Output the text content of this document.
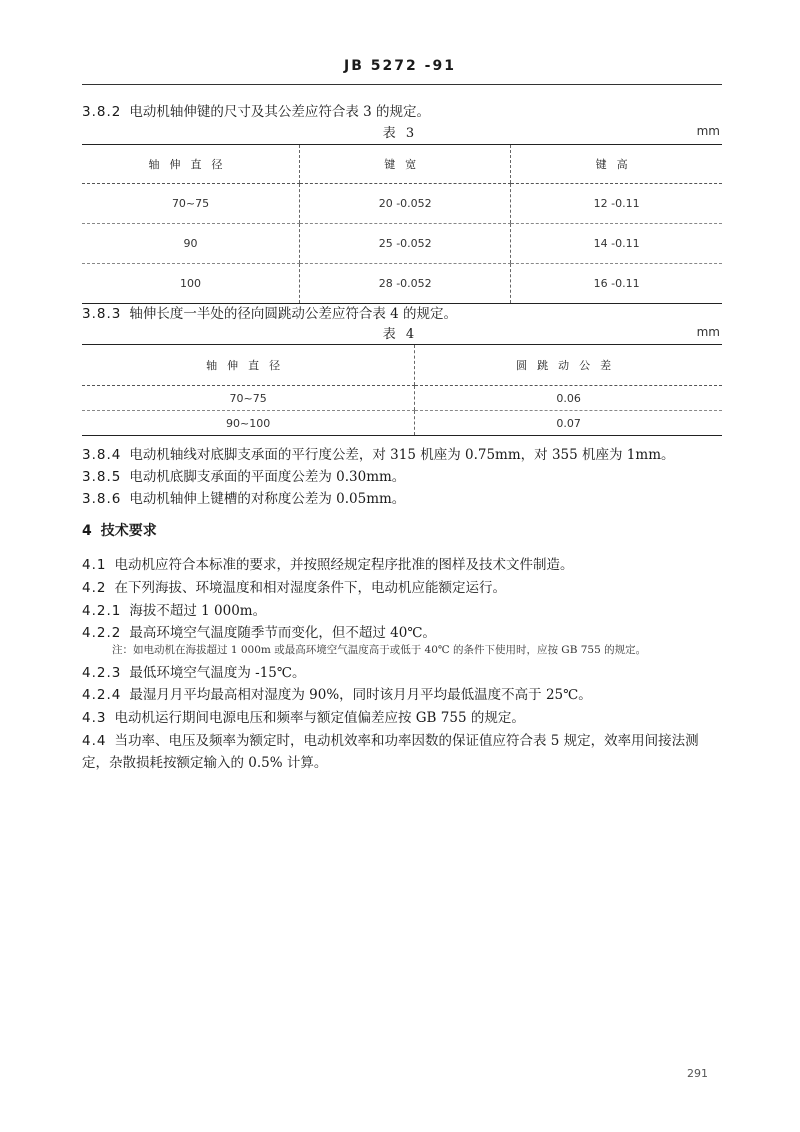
JB 5272 -91
3.8.2 电动机轴伸键的尺寸及其公差应符合表 3 的规定。
表 3	mm
轴伸直径	键宽	键高
70~75	20 -0.052	12 -0.11
90	25 -0.052	14 -0.11
100	28 -0.052	16 -0.11
3.8.3 轴伸长度一半处的径向圆跳动公差应符合表 4 的规定。
表 4	mm
轴伸直径	圆跳动公差
70~75	0.06
90~100	0.07
3.8.4 电动机轴线对底脚支承面的平行度公差，对 315 机座为 0.75mm，对 355 机座为 1mm。
3.8.5 电动机底脚支承面的平面度公差为 0.30mm。
3.8.6 电动机轴伸上键槽的对称度公差为 0.05mm。
4 技术要求
4.1 电动机应符合本标准的要求，并按照经规定程序批准的图样及技术文件制造。
4.2 在下列海拔、环境温度和相对湿度条件下，电动机应能额定运行。
4.2.1 海拔不超过 1 000m。
4.2.2 最高环境空气温度随季节而变化，但不超过 40℃。
注：如电动机在海拔超过 1 000m 或最高环境空气温度高于或低于 40℃ 的条件下使用时，应按 GB 755 的规定。
4.2.3 最低环境空气温度为 -15℃。
4.2.4 最湿月月平均最高相对湿度为 90%，同时该月月平均最低温度不高于 25℃。
4.3 电动机运行期间电源电压和频率与额定值偏差应按 GB 755 的规定。
4.4 当功率、电压及频率为额定时，电动机效率和功率因数的保证值应符合表 5 规定，效率用间接法测
定，杂散损耗按额定输入的 0.5% 计算。
291
